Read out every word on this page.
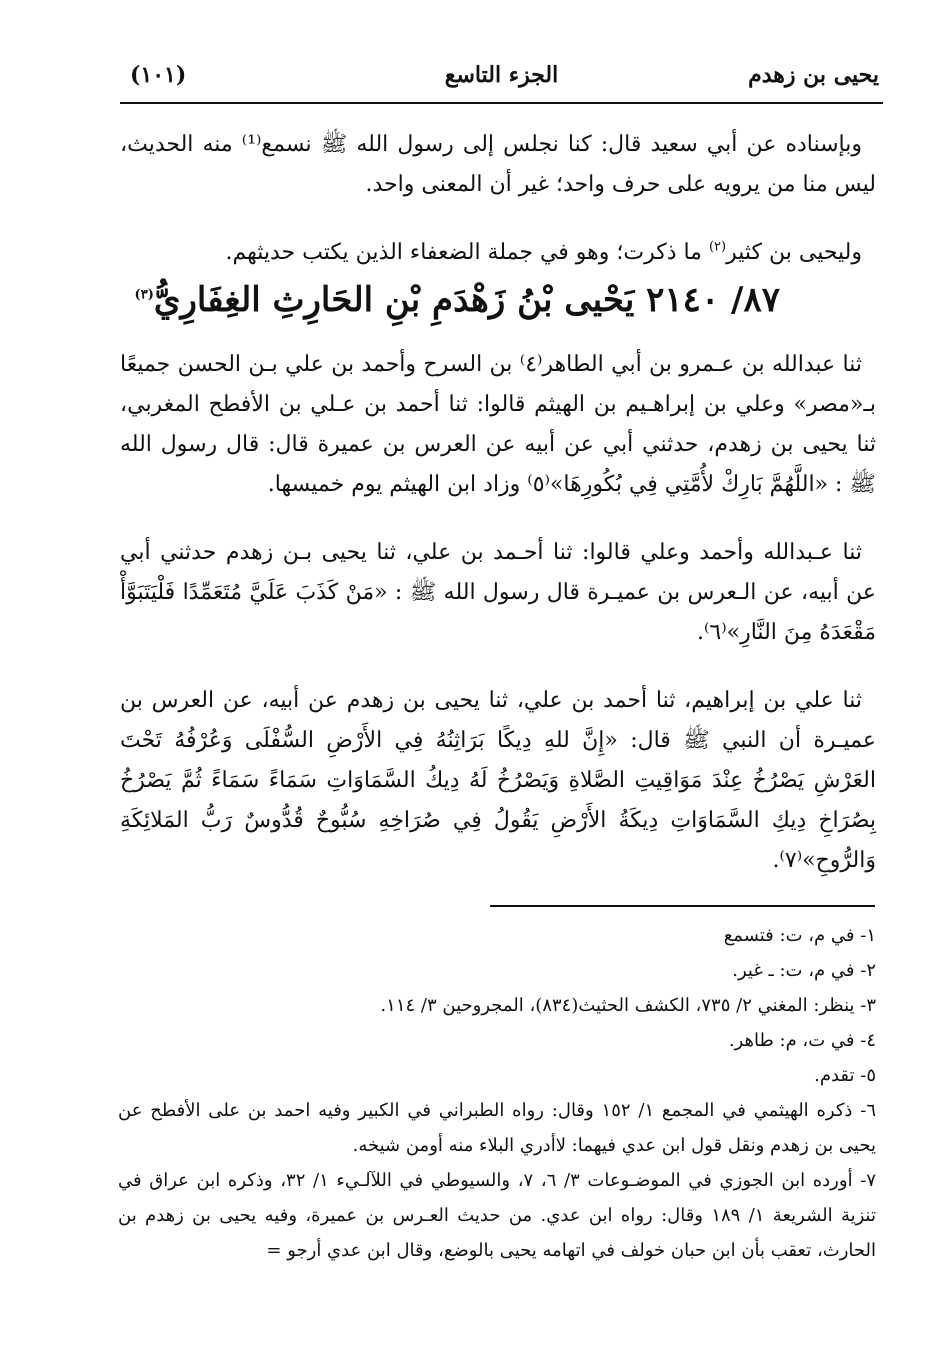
يحيى بن زهدم
الجزء التاسع
(١٠١)

وبإسناده عن أبي سعيد قال: كنا نجلس إلى رسول الله ﷺ نسمع⁽¹⁾ منه الحديث، ليس منا من يرويه على حرف واحد؛ غير أن المعنى واحد.

وليحيى بن كثير$^{(٢)}$ ما ذكرت؛ وهو في جملة الضعفاء الذين يكتب حديثهم.

٨٧/ ٢١٤٠ يَحْيى بْنُ زَهْدَمِ بْنِ الحَارِثِ الغِفَارِيُّ$^{(٣)}$

ثنا عبدالله بن عـمرو بن أبي الطاهر⁽٤⁾ بن السرح وأحمد بن علي بـن الحسن جميعًا بـ«مصر» وعلي بن إبراهـيم بن الهيثم قالوا: ثنا أحمد بن عـلي بن الأفطح المغربي، ثنا يحيى بن زهدم، حدثني أبي عن أبيه عن العرس بن عميرة قال: قال رسول الله ﷺ : «اللَّهُمَّ بَارِكْ لأُمَّتِي فِي بُكُورِهَا»⁽٥⁾ وزاد ابن الهيثم يوم خميسها.

ثنا عـبدالله وأحمد وعلي قالوا: ثنا أحـمد بن علي، ثنا يحيى بـن زهدم حدثني أبي عن أبيه، عن الـعرس بن عميـرة قال رسول الله ﷺ : «مَنْ كَذَبَ عَلَيَّ مُتَعَمِّدًا فَلْيَتَبَوَّأْ مَقْعَدَهُ مِنَ النَّارِ»⁽٦⁾.

ثنا علي بن إبراهيم، ثنا أحمد بن علي، ثنا يحيى بن زهدم عن أبيه، عن العرس بن عميـرة أن النبي ﷺ قال: «إِنَّ للهِ دِيكًا بَرَاثِنُهُ فِي الأَرْضِ السُّفْلَى وَعُرْفُهُ تَحْتَ العَرْشِ يَصْرُخُ عِنْدَ مَوَاقِيتِ الصَّلاةِ وَيَصْرُخُ لَهُ دِيكُ السَّمَاوَاتِ سَمَاءً سَمَاءً ثُمَّ يَصْرُخُ بِصُرَاخِ دِيكِ السَّمَاوَاتِ دِيكَةُ الأَرْضِ يَقُولُ فِي صُرَاخِهِ سُبُّوحٌ قُدُّوسٌ رَبُّ المَلائِكَةِ وَالرُّوحِ»⁽٧⁾.

١- في م، ت: فتسمع

٢- في م، ت: ـ غير.

٣- ينظر: المغني ٢/ ٧٣٥، الكشف الحثيث(٨٣٤)، المجروحين ٣/ ١١٤.

٤- في ت، م: طاهر.

٥- تقدم.

٦- ذكره الهيثمي في المجمع ١/ ١٥٢ وقال: رواه الطبراني في الكبير وفيه احمد بن على الأفطح عن يحيى بن زهدم ونقل قول ابن عدي فيهما: لاأدري البلاء منه أومن شيخه.

٧- أورده ابن الجوزي في الموضـوعات ٣/ ٦، ٧، والسيوطي في اللآلـيء ١/ ٣٢، وذكره ابن عراق في تنزية الشريعة ١/ ١٨٩ وقال: رواه ابن عدي. من حديث العـرس بن عميرة، وفيه يحيى بن زهدم بن الحارث، تعقب بأن ابن حبان خولف في اتهامه يحيى بالوضع، وقال ابن عدي أرجو =
